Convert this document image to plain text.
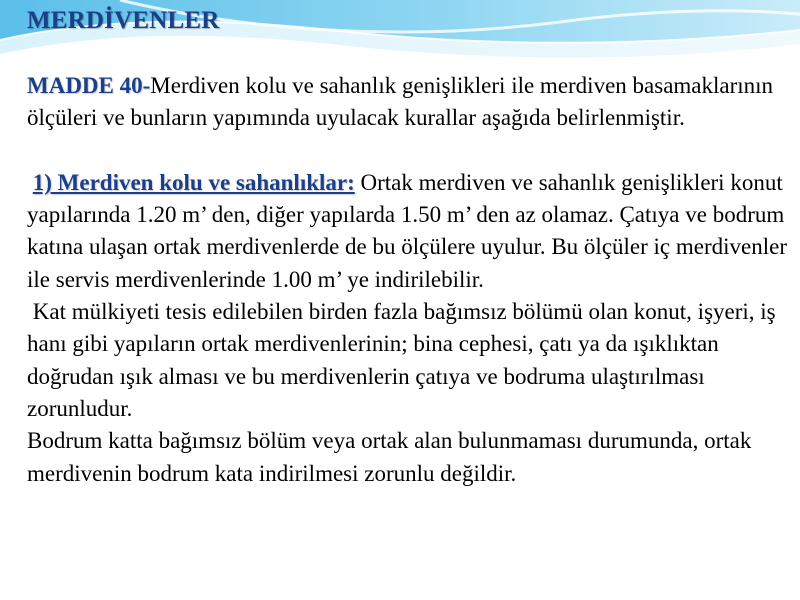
MERDİVENLER

MADDE 40-Merdiven kolu ve sahanlık genişlikleri ile merdiven basamaklarının ölçüleri ve bunların yapımında uyulacak kurallar aşağıda belirlenmiştir.

1) Merdiven kolu ve sahanlıklar: Ortak merdiven ve sahanlık genişlikleri konut yapılarında 1.20 m’ den, diğer yapılarda 1.50 m’ den az olamaz. Çatıya ve bodrum katına ulaşan ortak merdivenlerde de bu ölçülere uyulur. Bu ölçüler iç merdivenler ile servis merdivenlerinde 1.00 m’ ye indirilebilir.

Kat mülkiyeti tesis edilebilen birden fazla bağımsız bölümü olan konut, işyeri, iş hanı gibi yapıların ortak merdivenlerinin; bina cephesi, çatı ya da ışıklıktan doğrudan ışık alması ve bu merdivenlerin çatıya ve bodruma ulaştırılması zorunludur.

Bodrum katta bağımsız bölüm veya ortak alan bulunmaması durumunda, ortak merdivenin bodrum kata indirilmesi zorunlu değildir.
